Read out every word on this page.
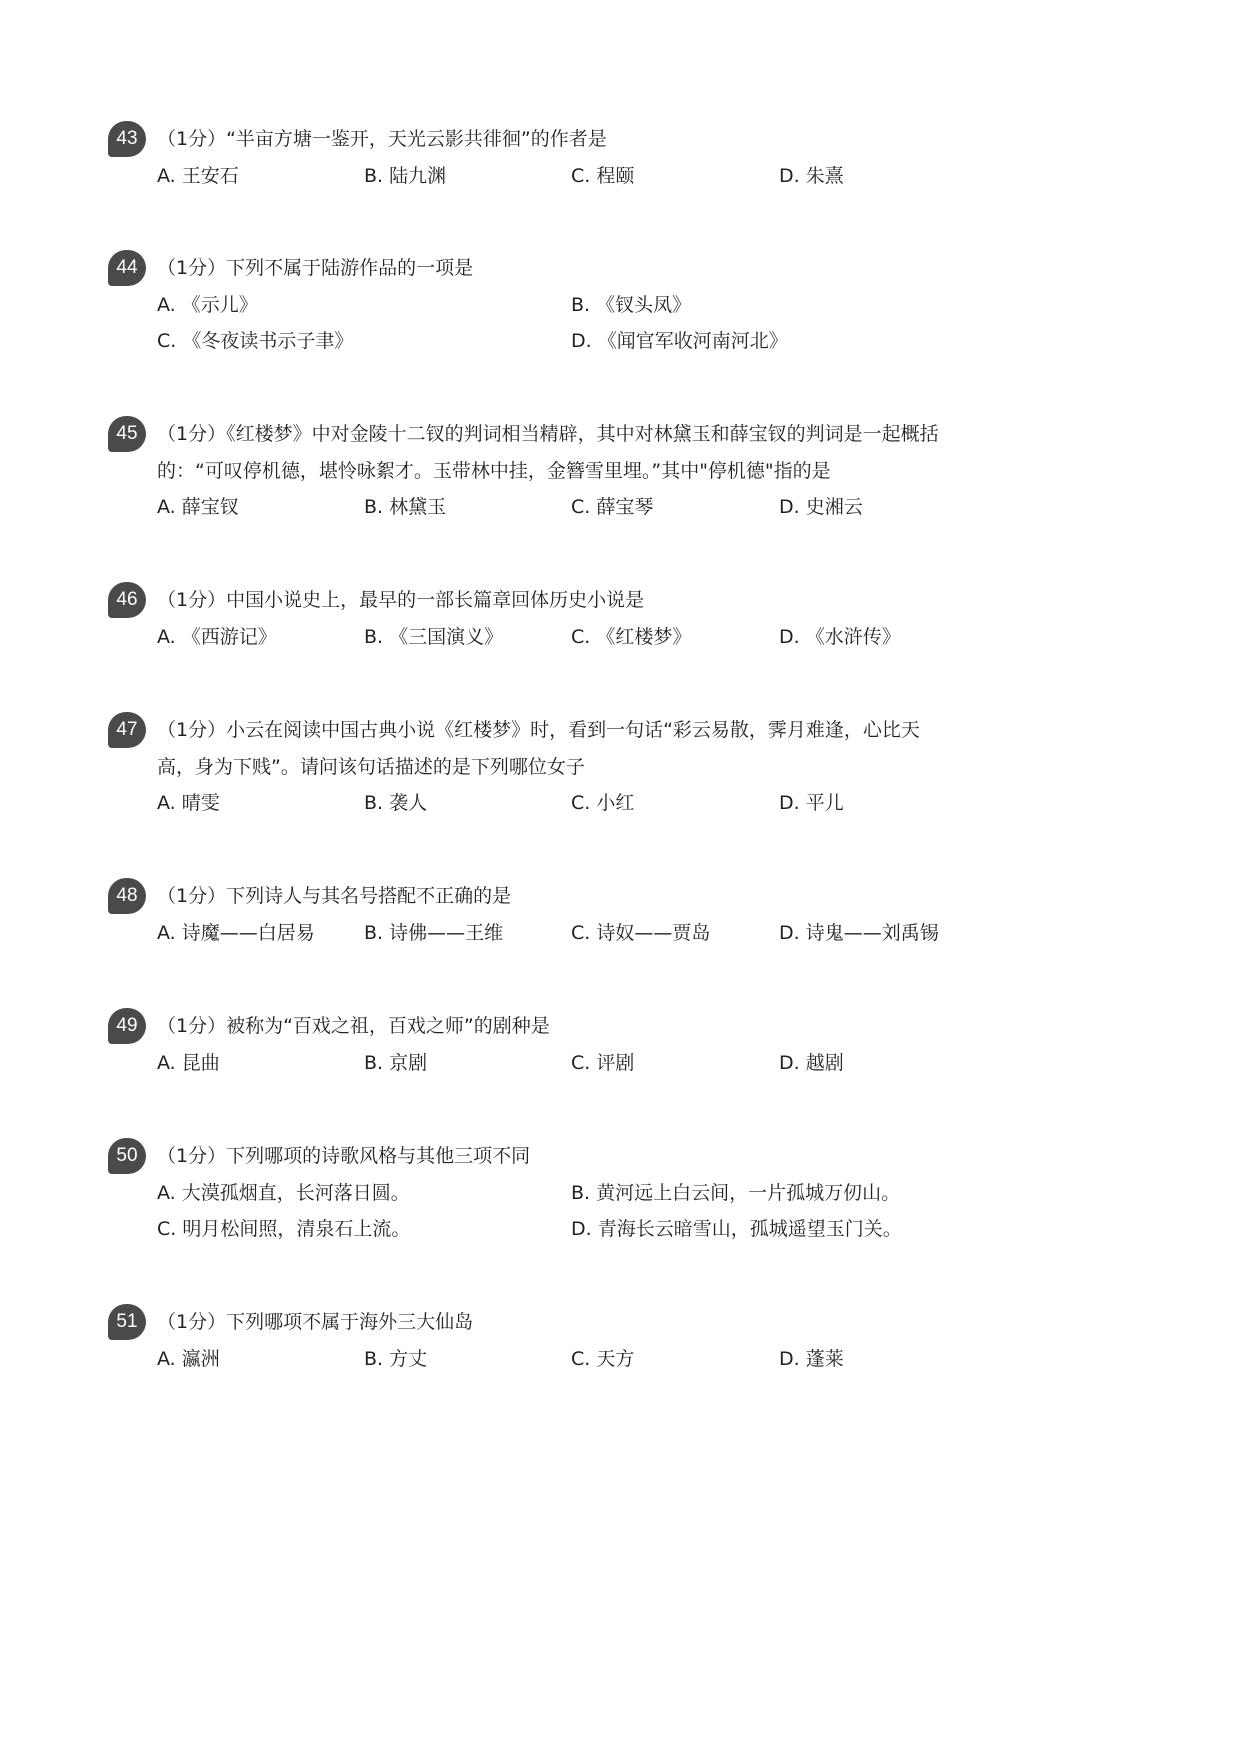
43	（1分）“半亩方塘一鉴开，天光云影共徘徊”的作者是
A. 王安石	B. 陆九渊	C. 程颐	D. 朱熹
44	（1分）下列不属于陆游作品的一项是
A. 《示儿》	B. 《钗头凤》
C. 《冬夜读书示子聿》	D. 《闻官军收河南河北》
45	（1分）《红楼梦》中对金陵十二钗的判词相当精辟，其中对林黛玉和薛宝钗的判词是一起概括
的：“可叹停机德，堪怜咏絮才。玉带林中挂，金簪雪里埋。”其中"停机德"指的是
A. 薛宝钗	B. 林黛玉	C. 薛宝琴	D. 史湘云
46	（1分）中国小说史上，最早的一部长篇章回体历史小说是
A. 《西游记》	B. 《三国演义》	C. 《红楼梦》	D. 《水浒传》
47	（1分）小云在阅读中国古典小说《红楼梦》时，看到一句话“彩云易散，霁月难逢，心比天
高，身为下贱”。请问该句话描述的是下列哪位女子
A. 晴雯	B. 袭人	C. 小红	D. 平儿
48	（1分）下列诗人与其名号搭配不正确的是
A. 诗魔——白居易	B. 诗佛——王维	C. 诗奴——贾岛	D. 诗鬼——刘禹锡
49	（1分）被称为“百戏之祖，百戏之师”的剧种是
A. 昆曲	B. 京剧	C. 评剧	D. 越剧
50	（1分）下列哪项的诗歌风格与其他三项不同
A. 大漠孤烟直，长河落日圆。	B. 黄河远上白云间，一片孤城万仞山。
C. 明月松间照，清泉石上流。	D. 青海长云暗雪山，孤城遥望玉门关。
51	（1分）下列哪项不属于海外三大仙岛
A. 瀛洲	B. 方丈	C. 天方	D. 蓬莱
